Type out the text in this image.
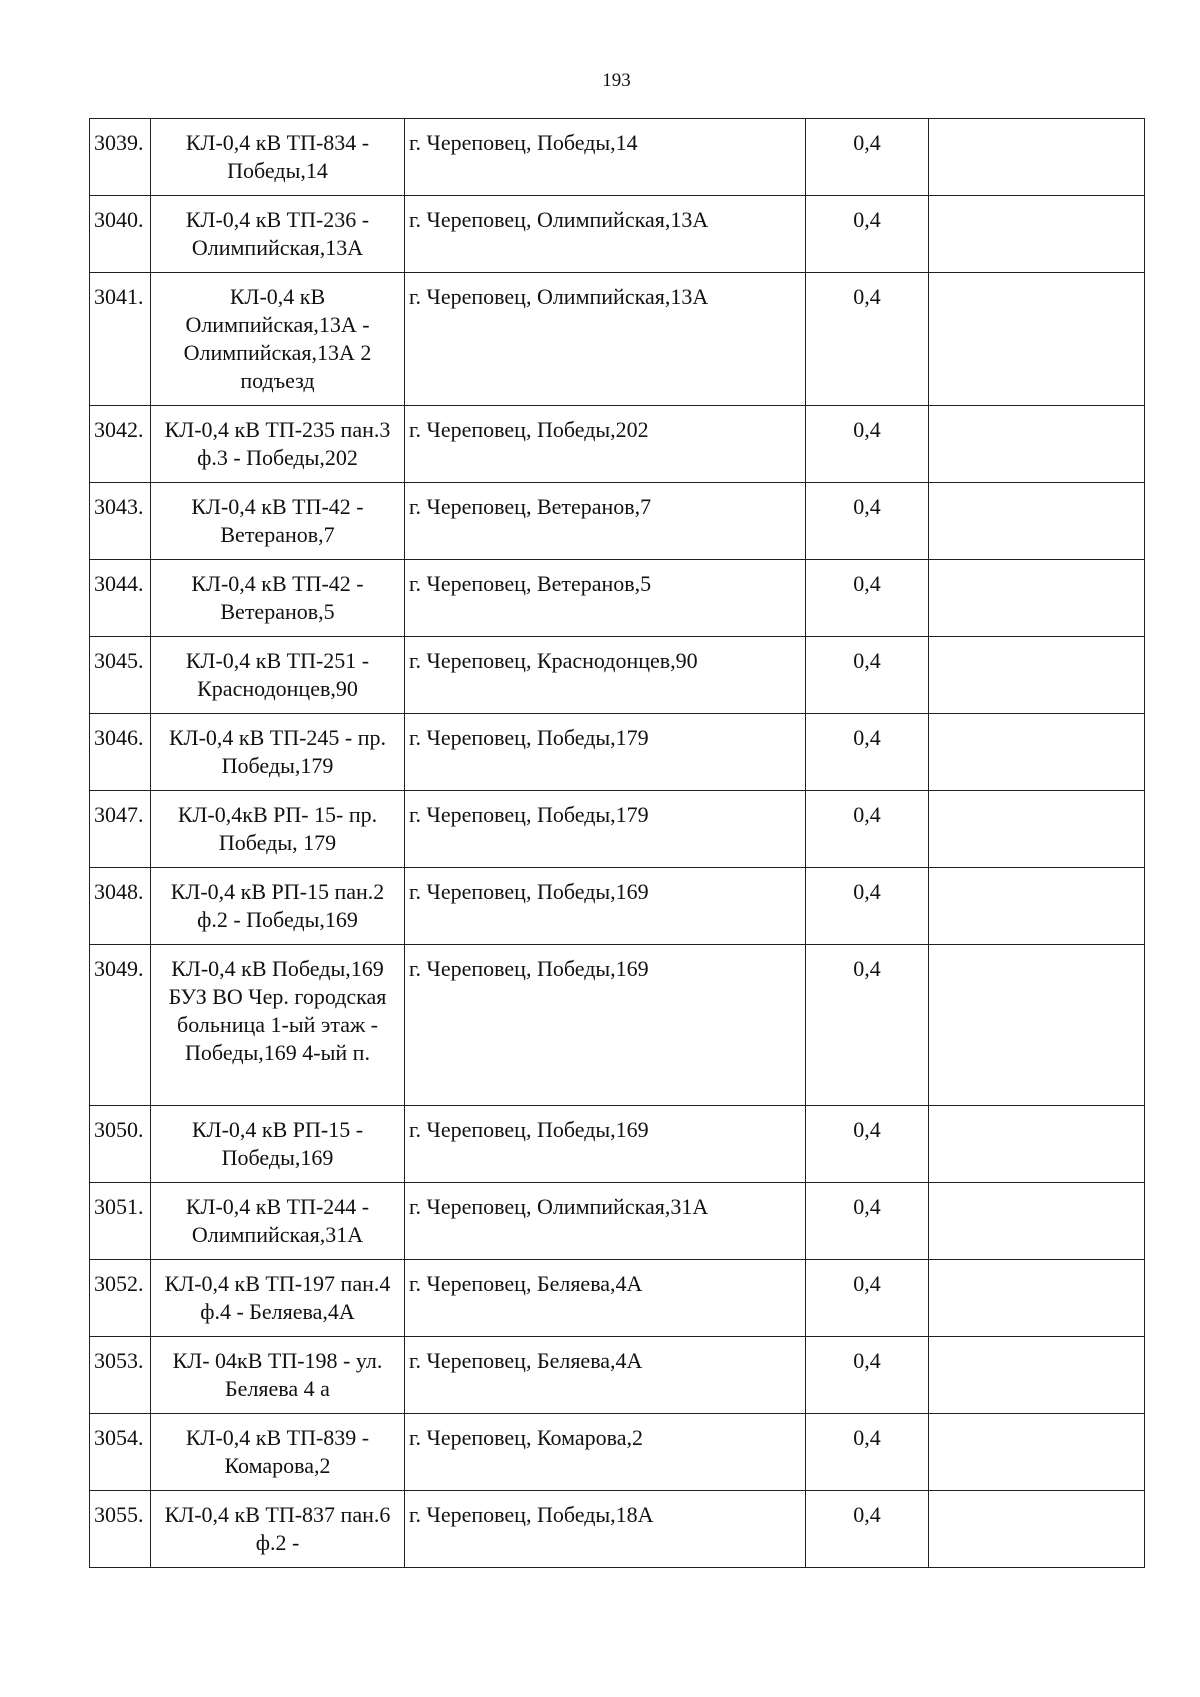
193
3039.	КЛ-0,4 кВ ТП-834 - Победы,14	г. Череповец, Победы,14	0,4	
3040.	КЛ-0,4 кВ ТП-236 - Олимпийская,13А	г. Череповец, Олимпийская,13А	0,4	
3041.	КЛ-0,4 кВ Олимпийская,13А - Олимпийская,13А 2 подъезд	г. Череповец, Олимпийская,13А	0,4	
3042.	КЛ-0,4 кВ ТП-235 пан.3 ф.3 - Победы,202	г. Череповец, Победы,202	0,4	
3043.	КЛ-0,4 кВ ТП-42 - Ветеранов,7	г. Череповец, Ветеранов,7	0,4	
3044.	КЛ-0,4 кВ ТП-42 - Ветеранов,5	г. Череповец, Ветеранов,5	0,4	
3045.	КЛ-0,4 кВ ТП-251 - Краснодонцев,90	г. Череповец, Краснодонцев,90	0,4	
3046.	КЛ-0,4 кВ ТП-245 - пр. Победы,179	г. Череповец, Победы,179	0,4	
3047.	КЛ-0,4кВ РП- 15- пр. Победы, 179	г. Череповец, Победы,179	0,4	
3048.	КЛ-0,4 кВ РП-15 пан.2 ф.2 - Победы,169	г. Череповец, Победы,169	0,4	
3049.	КЛ-0,4 кВ Победы,169 БУЗ ВО Чер. городская больница 1-ый этаж - Победы,169 4-ый п.	г. Череповец, Победы,169	0,4	
3050.	КЛ-0,4 кВ РП-15 - Победы,169	г. Череповец, Победы,169	0,4	
3051.	КЛ-0,4 кВ ТП-244 - Олимпийская,31А	г. Череповец, Олимпийская,31А	0,4	
3052.	КЛ-0,4 кВ ТП-197 пан.4 ф.4 - Беляева,4А	г. Череповец, Беляева,4А	0,4	
3053.	КЛ- 04кВ ТП-198 - ул. Беляева 4 а	г. Череповец, Беляева,4А	0,4	
3054.	КЛ-0,4 кВ ТП-839 - Комарова,2	г. Череповец, Комарова,2	0,4	
3055.	КЛ-0,4 кВ ТП-837 пан.6 ф.2 -	г. Череповец, Победы,18А	0,4	
